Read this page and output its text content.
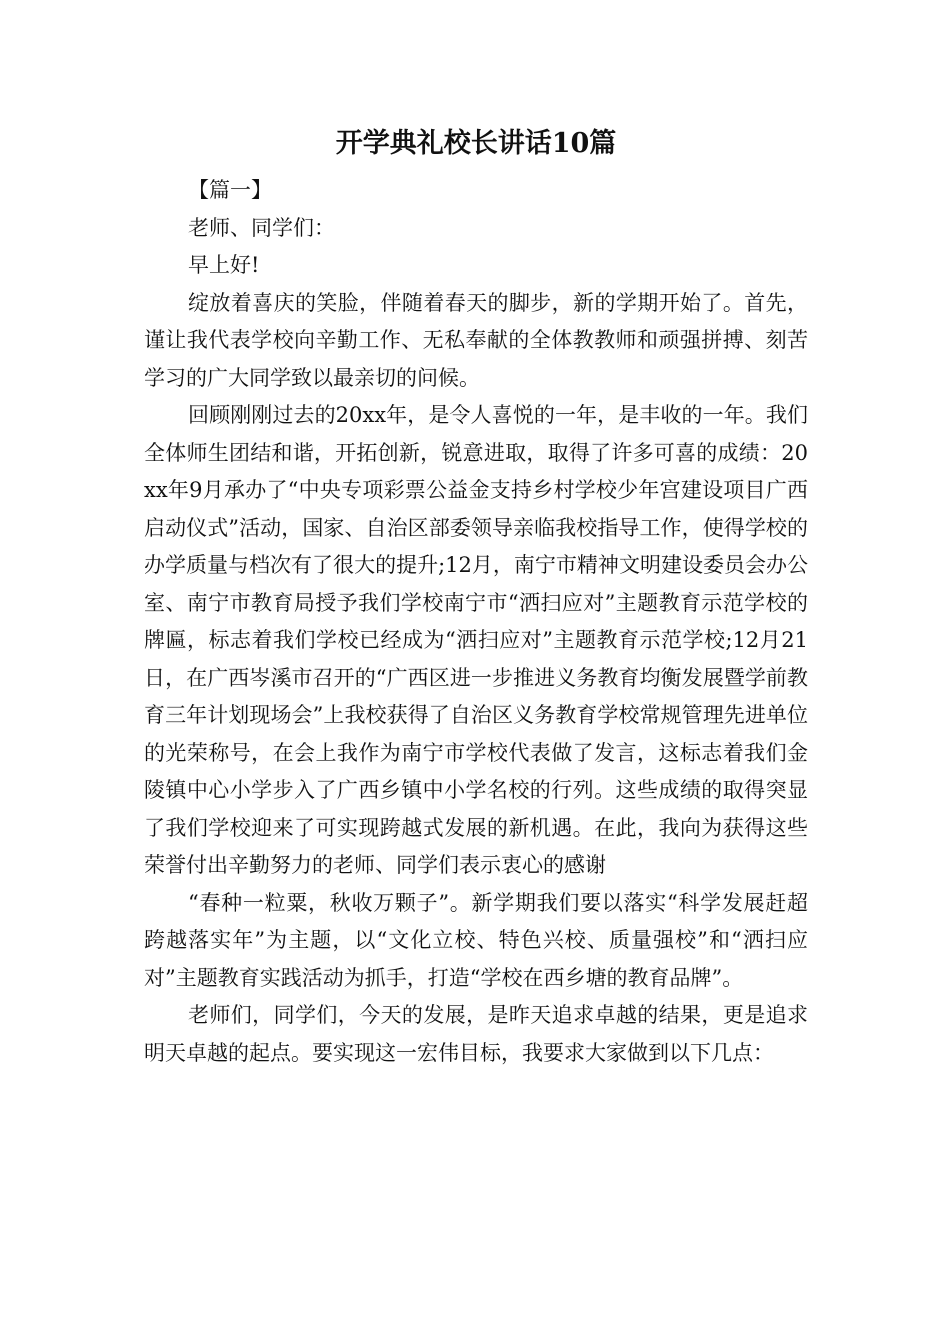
开学典礼校长讲话10篇

【篇一】

老师、同学们：

早上好!

绽放着喜庆的笑脸，伴随着春天的脚步，新的学期开始了。首先，谨让我代表学校向辛勤工作、无私奉献的全体教教师和顽强拼搏、刻苦学习的广大同学致以最亲切的问候。

回顾刚刚过去的20xx年，是令人喜悦的一年，是丰收的一年。我们全体师生团结和谐，开拓创新，锐意进取，取得了许多可喜的成绩：20xx年9月承办了“中央专项彩票公益金支持乡村学校少年宫建设项目广西启动仪式”活动，国家、自治区部委领导亲临我校指导工作，使得学校的办学质量与档次有了很大的提升;12月，南宁市精神文明建设委员会办公室、南宁市教育局授予我们学校南宁市“洒扫应对”主题教育示范学校的牌匾，标志着我们学校已经成为“洒扫应对”主题教育示范学校;12月21日，在广西岑溪市召开的“广西区进一步推进义务教育均衡发展暨学前教育三年计划现场会”上我校获得了自治区义务教育学校常规管理先进单位的光荣称号，在会上我作为南宁市学校代表做了发言，这标志着我们金陵镇中心小学步入了广西乡镇中小学名校的行列。这些成绩的取得突显了我们学校迎来了可实现跨越式发展的新机遇。在此，我向为获得这些荣誉付出辛勤努力的老师、同学们表示衷心的感谢

“春种一粒粟，秋收万颗子”。新学期我们要以落实“科学发展赶超跨越落实年”为主题，以“文化立校、特色兴校、质量强校”和“洒扫应对”主题教育实践活动为抓手，打造“学校在西乡塘的教育品牌”。

老师们，同学们，今天的发展，是昨天追求卓越的结果，更是追求明天卓越的起点。要实现这一宏伟目标，我要求大家做到以下几点：
